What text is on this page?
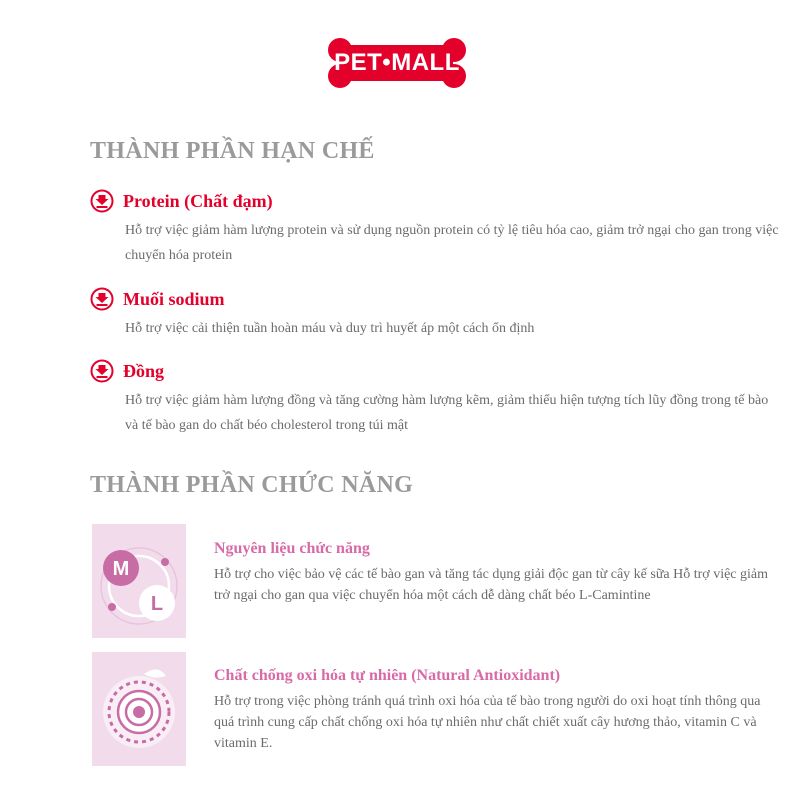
PET•MALL
THÀNH PHẦN HẠN CHẾ
Protein (Chất đạm)
Hỗ trợ việc giảm hàm lượng protein và sử dụng nguồn protein có tỷ lệ tiêu hóa cao, giảm trở ngại cho gan trong việc chuyển hóa protein
Muối sodium
Hỗ trợ việc cải thiện tuần hoàn máu và duy trì huyết áp một cách ổn định
Đồng
Hỗ trợ việc giảm hàm lượng đồng và tăng cường hàm lượng kẽm, giảm thiểu hiện tượng tích lũy đồng trong tế bào và tế bào gan do chất béo cholesterol trong túi mật
THÀNH PHẦN CHỨC NĂNG
M
L
Nguyên liệu chức năng
Hỗ trợ cho việc bảo vệ các tế bào gan và tăng tác dụng giải độc gan từ cây kế sữa Hỗ trợ việc giảm trở ngại cho gan qua việc chuyển hóa một cách dễ dàng chất béo L-Camintine
Chất chống oxi hóa tự nhiên (Natural Antioxidant)
Hỗ trợ trong việc phòng tránh quá trình oxi hóa của tế bào trong người do oxi hoạt tính thông qua quá trình cung cấp chất chống oxi hóa tự nhiên như chất chiết xuất cây hương thảo, vitamin C và vitamin E.
